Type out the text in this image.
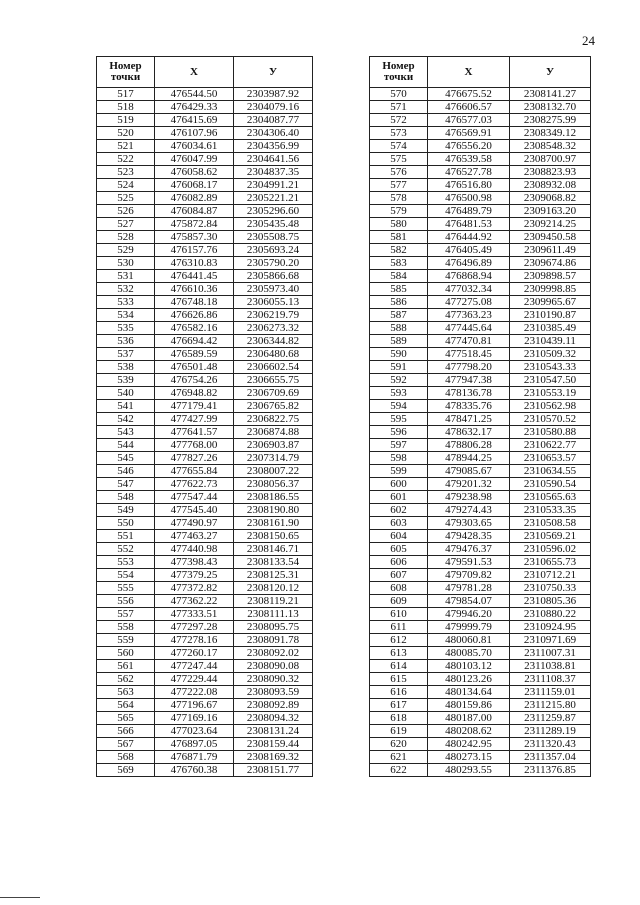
24
Номер точки	Х	У
517	476544.50	2303987.92
518	476429.33	2304079.16
519	476415.69	2304087.77
520	476107.96	2304306.40
521	476034.61	2304356.99
522	476047.99	2304641.56
523	476058.62	2304837.35
524	476068.17	2304991.21
525	476082.89	2305221.21
526	476084.87	2305296.60
527	475872.84	2305435.48
528	475857.30	2305508.75
529	476157.76	2305693.24
530	476310.83	2305790.20
531	476441.45	2305866.68
532	476610.36	2305973.40
533	476748.18	2306055.13
534	476626.86	2306219.79
535	476582.16	2306273.32
536	476694.42	2306344.82
537	476589.59	2306480.68
538	476501.48	2306602.54
539	476754.26	2306655.75
540	476948.82	2306709.69
541	477179.41	2306765.82
542	477427.99	2306822.75
543	477641.57	2306874.88
544	477768.00	2306903.87
545	477827.26	2307314.79
546	477655.84	2308007.22
547	477622.73	2308056.37
548	477547.44	2308186.55
549	477545.40	2308190.80
550	477490.97	2308161.90
551	477463.27	2308150.65
552	477440.98	2308146.71
553	477398.43	2308133.54
554	477379.25	2308125.31
555	477372.82	2308120.12
556	477362.22	2308119.21
557	477333.51	2308111.13
558	477297.28	2308095.75
559	477278.16	2308091.78
560	477260.17	2308092.02
561	477247.44	2308090.08
562	477229.44	2308090.32
563	477222.08	2308093.59
564	477196.67	2308092.89
565	477169.16	2308094.32
566	477023.64	2308131.24
567	476897.05	2308159.44
568	476871.79	2308169.32
569	476760.38	2308151.77
Номер точки	Х	У
570	476675.52	2308141.27
571	476606.57	2308132.70
572	476577.03	2308275.99
573	476569.91	2308349.12
574	476556.20	2308548.32
575	476539.58	2308700.97
576	476527.78	2308823.93
577	476516.80	2308932.08
578	476500.98	2309068.82
579	476489.79	2309163.20
580	476481.53	2309214.25
581	476444.92	2309450.58
582	476405.49	2309611.49
583	476496.89	2309674.86
584	476868.94	2309898.57
585	477032.34	2309998.85
586	477275.08	2309965.67
587	477363.23	2310190.87
588	477445.64	2310385.49
589	477470.81	2310439.11
590	477518.45	2310509.32
591	477798.20	2310543.33
592	477947.38	2310547.50
593	478136.78	2310553.19
594	478335.76	2310562.98
595	478471.25	2310570.52
596	478632.17	2310580.88
597	478806.28	2310622.77
598	478944.25	2310653.57
599	479085.67	2310634.55
600	479201.32	2310590.54
601	479238.98	2310565.63
602	479274.43	2310533.35
603	479303.65	2310508.58
604	479428.35	2310569.21
605	479476.37	2310596.02
606	479591.53	2310655.73
607	479709.82	2310712.21
608	479781.28	2310750.33
609	479854.07	2310805.36
610	479946.20	2310880.22
611	479999.79	2310924.95
612	480060.81	2310971.69
613	480085.70	2311007.31
614	480103.12	2311038.81
615	480123.26	2311108.37
616	480134.64	2311159.01
617	480159.86	2311215.80
618	480187.00	2311259.87
619	480208.62	2311289.19
620	480242.95	2311320.43
621	480273.15	2311357.04
622	480293.55	2311376.85
